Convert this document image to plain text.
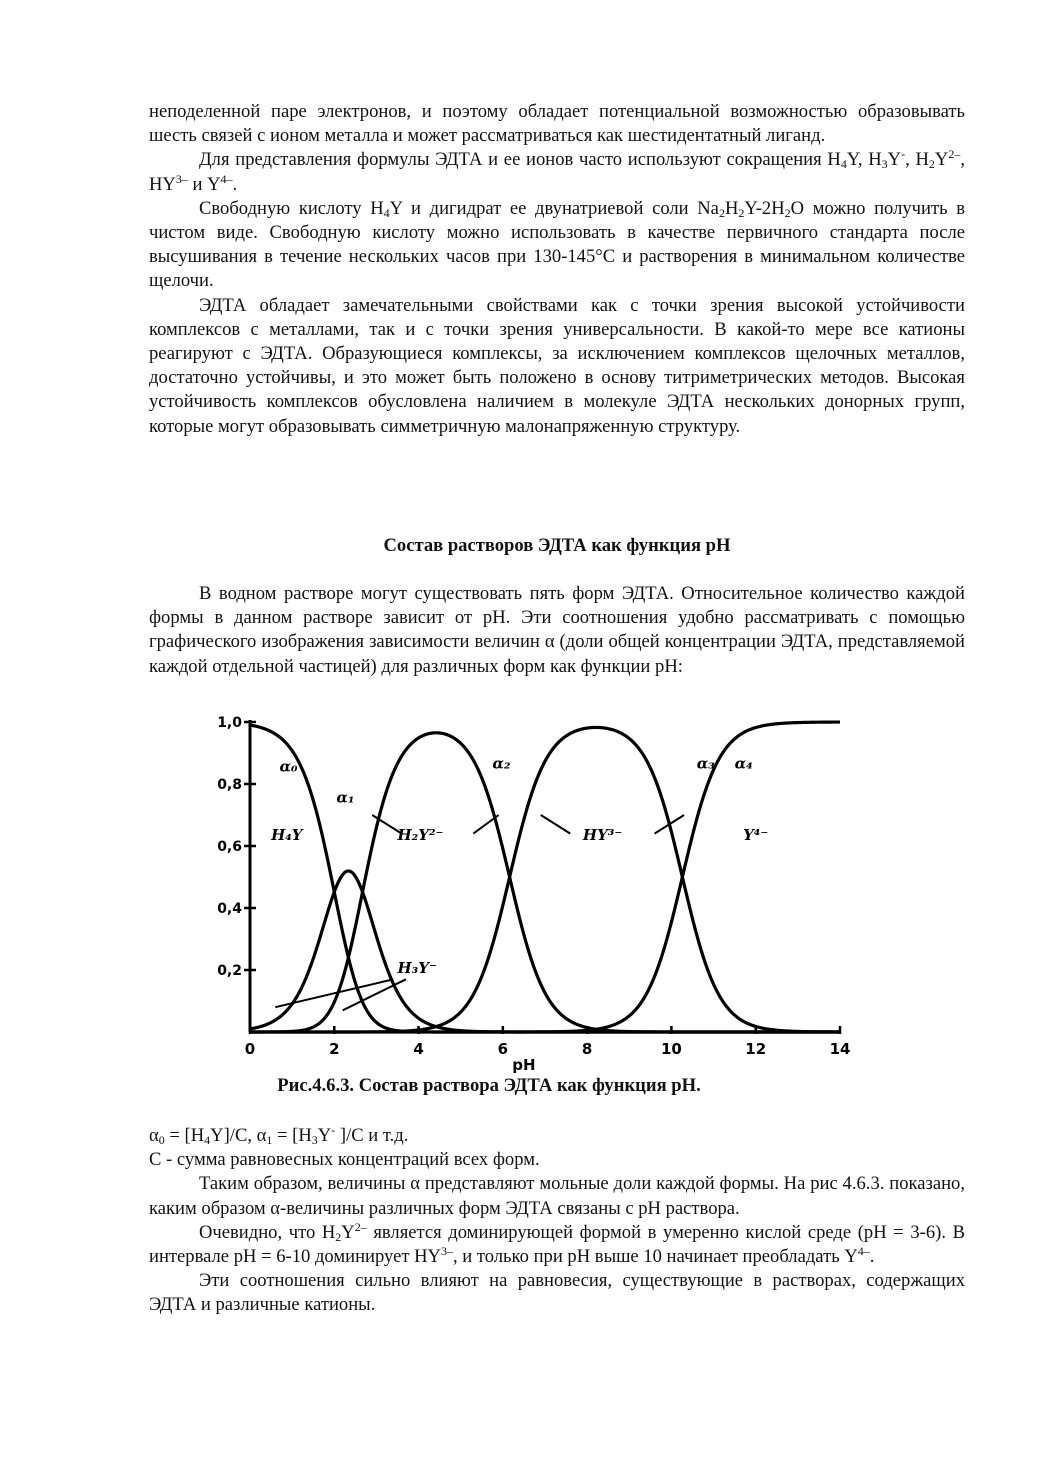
неподеленной паре электронов, и поэтому обладает потенциальной возможностью образовывать шесть связей с ионом металла и может рассматриваться как шестидентатный лиганд.

Для представления формулы ЭДТА и ее ионов часто используют сокращения $H_4Y$, $H_3Y^-$, $H_2Y^{2-}$, $HY^{3-}$ и $Y^{4-}$.

Свободную кислоту $H_4Y$ и дигидрат ее двунатриевой соли $Na_2H_2Y-2H_2O$ можно получить в чистом виде. Свободную кислоту можно использовать в качестве первичного стандарта после высушивания в течение нескольких часов при 130-145°C и растворения в минимальном количестве щелочи.

ЭДТА обладает замечательными свойствами как с точки зрения высокой устойчивости комплексов с металлами, так и с точки зрения универсальности. В какой-то мере все катионы реагируют с ЭДТА. Образующиеся комплексы, за исключением комплексов щелочных металлов, достаточно устойчивы, и это может быть положено в основу титриметрических методов. Высокая устойчивость комплексов обусловлена наличием в молекуле ЭДТА нескольких донорных групп, которые могут образовывать симметричную малонапряженную структуру.

Состав растворов ЭДТА как функция pH

В водном растворе могут существовать пять форм ЭДТА. Относительное количество каждой формы в данном растворе зависит от pH. Эти соотношения удобно рассматривать с помощью графического изображения зависимости величин α (доли общей концентрации ЭДТА, представляемой каждой отдельной частицей) для различных форм как функции pH:

0	2	4	6	8	10	12	14
0,2
0,4
0,6
0,8
1,0
pH
α₀
α₁
α₂	α₃ α₄
H₄Y	H₂Y²⁻	HY³⁻	Y⁴⁻
H₃Y⁻
Рис.4.6.3. Состав раствора ЭДТА как функция pH.

$\alpha_0 = [H_4Y]/C$, $\alpha_1 = [H_3Y^-$ ]/C и т.д.

C - сумма равновесных концентраций всех форм.

Таким образом, величины α представляют мольные доли каждой формы. На рис 4.6.3. показано, каким образом α-величины различных форм ЭДТА связаны с pH раствора.

Очевидно, что $H_2Y^{2-}$ является доминирующей формой в умеренно кислой среде (pH = 3-6). В интервале pH = 6-10 доминирует $HY^{3-}$, и только при pH выше 10 начинает преобладать $Y^{4-}$.

Эти соотношения сильно влияют на равновесия, существующие в растворах, содержащих ЭДТА и различные катионы.
